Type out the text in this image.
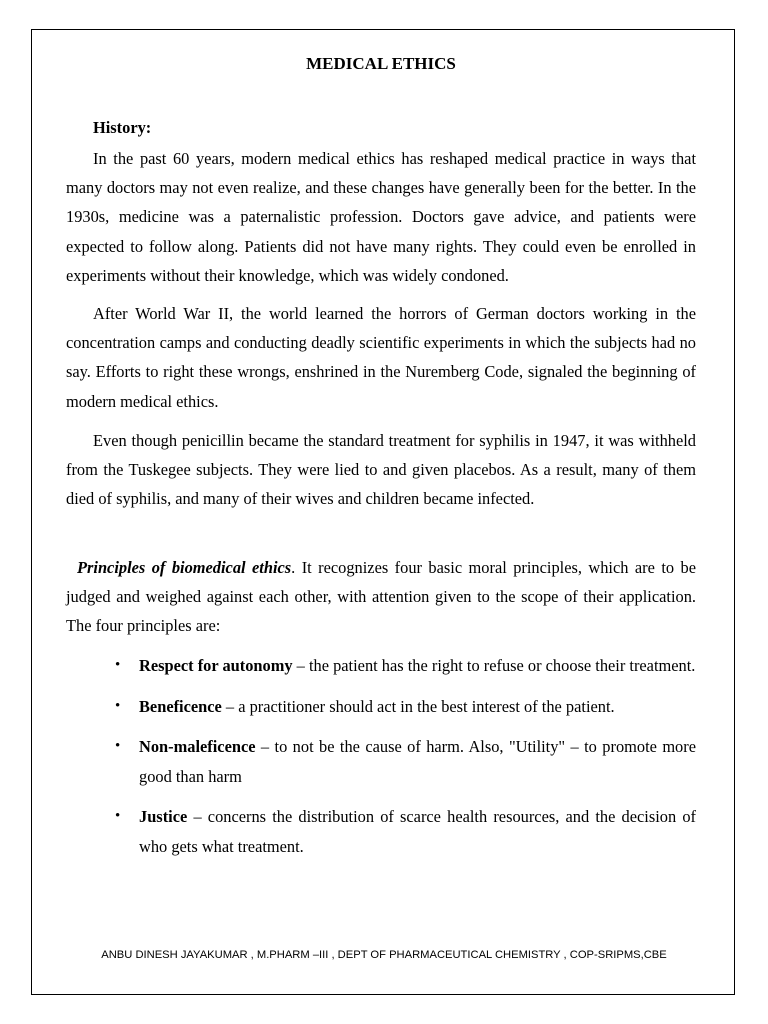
MEDICAL ETHICS
History:

In the past 60 years, modern medical ethics has reshaped medical practice in ways that many doctors may not even realize, and these changes have generally been for the better. In the 1930s, medicine was a paternalistic profession. Doctors gave advice, and patients were expected to follow along. Patients did not have many rights. They could even be enrolled in experiments without their knowledge, which was widely condoned.

After World War II, the world learned the horrors of German doctors working in the concentration camps and conducting deadly scientific experiments in which the subjects had no say. Efforts to right these wrongs, enshrined in the Nuremberg Code, signaled the beginning of modern medical ethics.

Even though penicillin became the standard treatment for syphilis in 1947, it was withheld from the Tuskegee subjects. They were lied to and given placebos. As a result, many of them died of syphilis, and many of their wives and children became infected.

Principles of biomedical ethics. It recognizes four basic moral principles, which are to be judged and weighed against each other, with attention given to the scope of their application. The four principles are:

• Respect for autonomy – the patient has the right to refuse or choose their treatment.
• Beneficence – a practitioner should act in the best interest of the patient.
• Non-maleficence – to not be the cause of harm. Also, "Utility" – to promote more good than harm
• Justice – concerns the distribution of scarce health resources, and the decision of who gets what treatment.
ANBU DINESH JAYAKUMAR , M.PHARM –III , DEPT OF PHARMACEUTICAL CHEMISTRY , COP-SRIPMS,CBE
